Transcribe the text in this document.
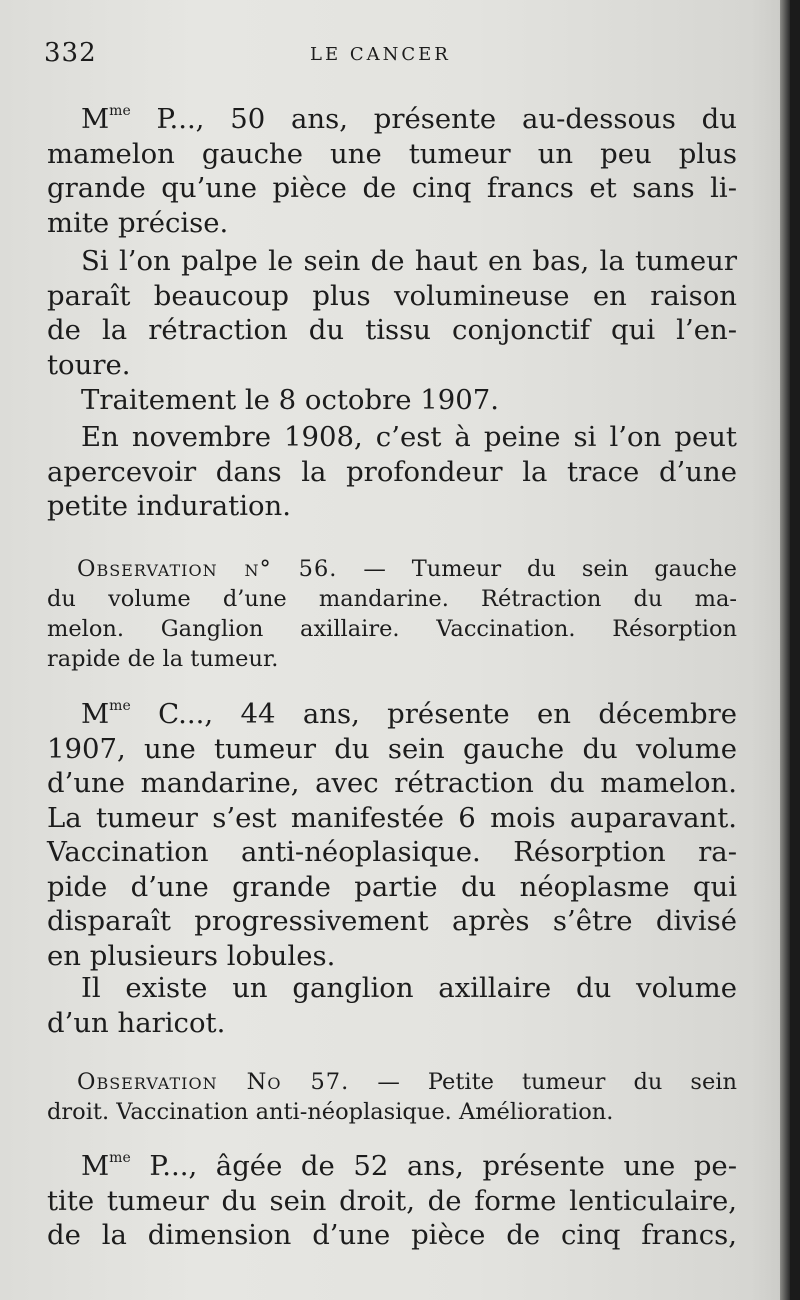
332	LE CANCER
$M^{me}$ P..., 50 ans, présente au-dessous du
mamelon gauche une tumeur un peu plus
grande qu’une pièce de cinq francs et sans li-
mite précise.
Si l’on palpe le sein de haut en bas, la tumeur
paraît beaucoup plus volumineuse en raison
de la rétraction du tissu conjonctif qui l’en-
toure.
Traitement le 8 octobre 1907.
En novembre 1908, c’est à peine si l’on peut
apercevoir dans la profondeur la trace d’une
petite induration.
Observation n° 56. — Tumeur du sein gauche
du volume d’une mandarine. Rétraction du ma-
melon. Ganglion axillaire. Vaccination. Résorption
rapide de la tumeur.
$M^{me}$ C..., 44 ans, présente en décembre
1907, une tumeur du sein gauche du volume
d’une mandarine, avec rétraction du mamelon.
La tumeur s’est manifestée 6 mois auparavant.
Vaccination anti-néoplasique. Résorption ra-
pide d’une grande partie du néoplasme qui
disparaît progressivement après s’être divisé
en plusieurs lobules.
Il existe un ganglion axillaire du volume
d’un haricot.
Observation No 57. — Petite tumeur du sein
droit. Vaccination anti-néoplasique. Amélioration.
$M^{me}$ P..., âgée de 52 ans, présente une pe-
tite tumeur du sein droit, de forme lenticulaire,
de la dimension d’une pièce de cinq francs,
